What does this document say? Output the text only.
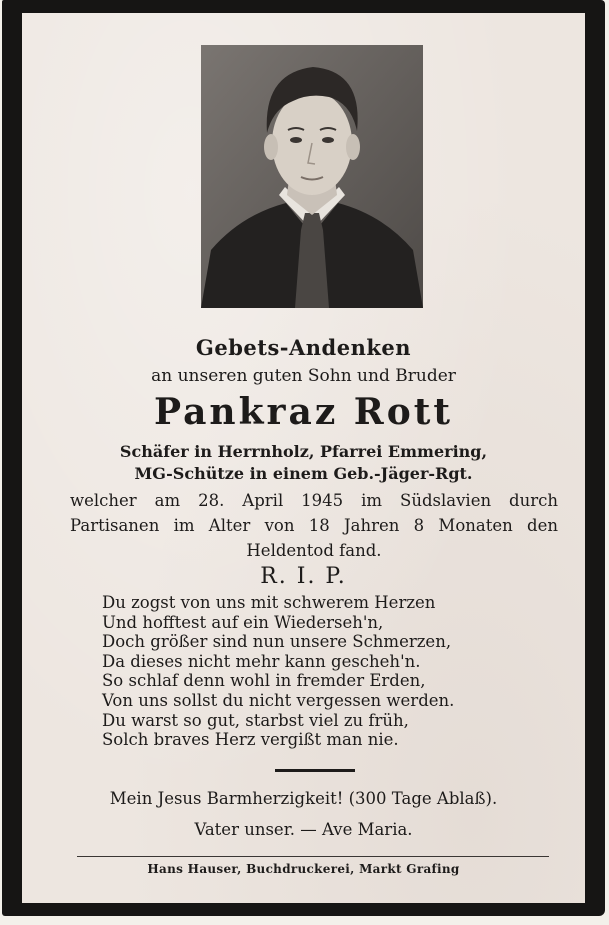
Gebets-Andenken
an unseren guten Sohn und Bruder
Pankraz Rott
Schäfer in Herrnholz, Pfarrei Emmering,
MG-Schütze in einem Geb.-Jäger-Rgt.
welcher am 28. April 1945 im Südslavien durch Partisanen im Alter von 18 Jahren 8 Monaten den Heldentod fand.
R. I. P.
Du zogst von uns mit schwerem Herzen
Und hofftest auf ein Wiederseh'n,
Doch größer sind nun unsere Schmerzen,
Da dieses nicht mehr kann gescheh'n.
So schlaf denn wohl in fremder Erden,
Von uns sollst du nicht vergessen werden.
Du warst so gut, starbst viel zu früh,
Solch braves Herz vergißt man nie.
Mein Jesus Barmherzigkeit! (300 Tage Ablaß).
Vater unser. — Ave Maria.
Hans Hauser, Buchdruckerei, Markt Grafing
